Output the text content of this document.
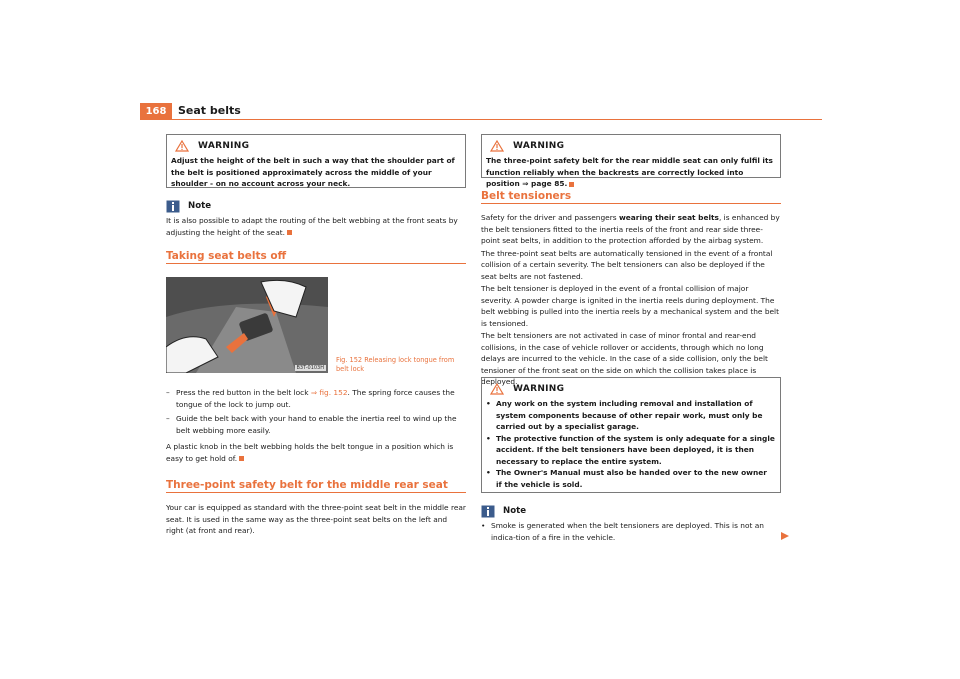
168	Seat belts
WARNING
Adjust the height of the belt in such a way that the shoulder part of the belt is positioned approximately across the middle of your shoulder - on no account across your neck.
Note
It is also possible to adapt the routing of the belt webbing at the front seats by adjusting the height of the seat.
Taking seat belts off
B3T-0103H
Fig. 152 Releasing lock tongue from belt lock
– Press the red button in the belt lock ⇒ fig. 152. The spring force causes the tongue of the lock to jump out.
– Guide the belt back with your hand to enable the inertia reel to wind up the belt webbing more easily.
A plastic knob in the belt webbing holds the belt tongue in a position which is easy to get hold of.
Three-point safety belt for the middle rear seat
Your car is equipped as standard with the three-point seat belt in the middle rear seat. It is used in the same way as the three-point seat belts on the left and right (at front and rear).
WARNING
The three-point safety belt for the rear middle seat can only fulfil its function reliably when the backrests are correctly locked into position ⇒ page 85.
Belt tensioners
Safety for the driver and passengers wearing their seat belts, is enhanced by the belt tensioners fitted to the inertia reels of the front and rear side three-point seat belts, in addition to the protection afforded by the airbag system.
The three-point seat belts are automatically tensioned in the event of a frontal collision of a certain severity. The belt tensioners can also be deployed if the seat belts are not fastened.
The belt tensioner is deployed in the event of a frontal collision of major severity. A powder charge is ignited in the inertia reels during deployment. The belt webbing is pulled into the inertia reels by a mechanical system and the belt is tensioned.
The belt tensioners are not activated in case of minor frontal and rear-end collisions, in the case of vehicle rollover or accidents, through which no long delays are incurred to the vehicle. In the case of a side collision, only the belt tensioner of the front seat on the side on which the collision takes place is deployed.
WARNING
• Any work on the system including removal and installation of system components because of other repair work, must only be carried out by a specialist garage.
• The protective function of the system is only adequate for a single accident. If the belt tensioners have been deployed, it is then necessary to replace the entire system.
• The Owner's Manual must also be handed over to the new owner if the vehicle is sold.
Note
• Smoke is generated when the belt tensioners are deployed. This is not an indica-tion of a fire in the vehicle.
